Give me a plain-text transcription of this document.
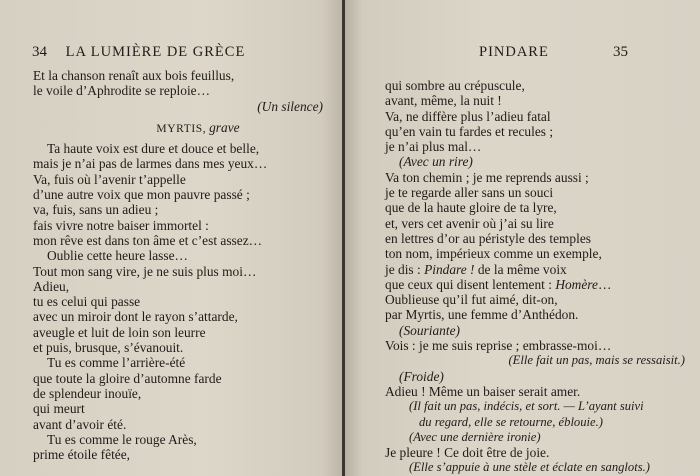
34 LA LUMIÈRE DE GRÈCE
Et la chanson renaît aux bois feuillus,
le voile d’Aphrodite se reploie…
(Un silence)
MYRTIS, grave
Ta haute voix est dure et douce et belle,
mais je n’ai pas de larmes dans mes yeux…
Va, fuis où l’avenir t’appelle
d’une autre voix que mon pauvre passé ;
va, fuis, sans un adieu ;
fais vivre notre baiser immortel :
mon rêve est dans ton âme et c’est assez…
Oublie cette heure lasse…
Tout mon sang vire, je ne suis plus moi…
Adieu,
tu es celui qui passe
avec un miroir dont le rayon s’attarde,
aveugle et luit de loin son leurre
et puis, brusque, s’évanouit.
Tu es comme l’arrière-été
que toute la gloire d’automne farde
de splendeur inouïe,
qui meurt
avant d’avoir été.
Tu es comme le rouge Arès,
prime étoile fêtée,
PINDARE	35
qui sombre au crépuscule,
avant, même, la nuit !
Va, ne diffère plus l’adieu fatal
qu’en vain tu fardes et recules ;
je n’ai plus mal…
(Avec un rire)
Va ton chemin ; je me reprends aussi ;
je te regarde aller sans un souci
que de la haute gloire de ta lyre,
et, vers cet avenir où j’ai su lire
en lettres d’or au péristyle des temples
ton nom, impérieux comme un exemple,
je dis : Pindare ! de la même voix
que ceux qui disent lentement : Homère…
Oublieuse qu’il fut aimé, dit-on,
par Myrtis, une femme d’Anthédon.
(Souriante)
Vois : je me suis reprise ; embrasse-moi…
(Elle fait un pas, mais se ressaisit.)
(Froide)
Adieu ! Même un baiser serait amer.
(Il fait un pas, indécis, et sort. — L’ayant suivi
du regard, elle se retourne, éblouie.)
(Avec une dernière ironie)
Je pleure ! Ce doit être de joie.
(Elle s’appuie à une stèle et éclate en sanglots.)
